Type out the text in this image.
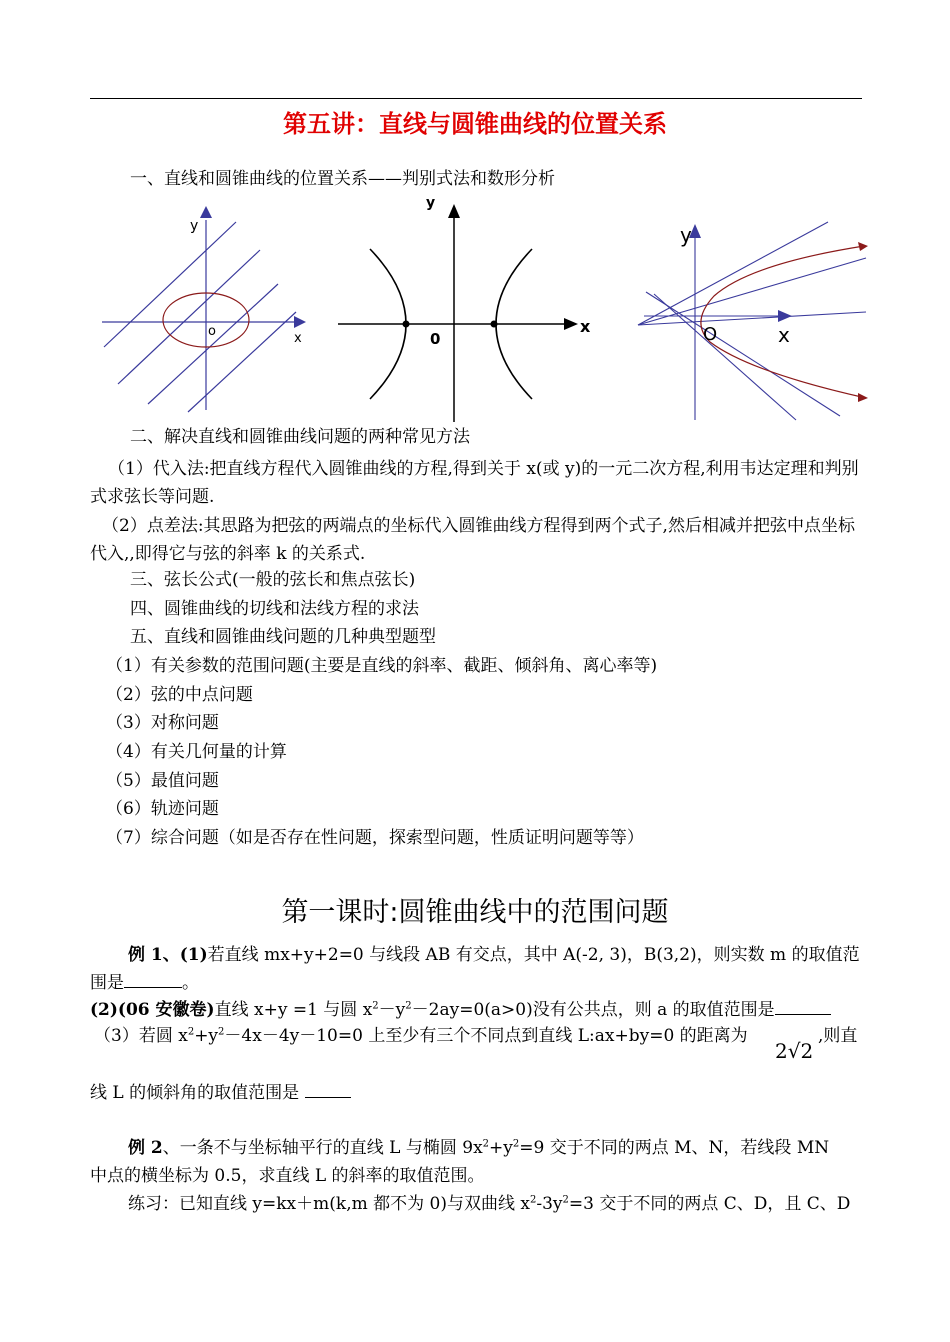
第五讲：直线与圆锥曲线的位置关系
一、直线和圆锥曲线的位置关系——判别式法和数形分析
y
x
o
y
x
0
y
x
O
二、解决直线和圆锥曲线问题的两种常见方法
（1）代入法:把直线方程代入圆锥曲线的方程,得到关于 x(或 y)的一元二次方程,利用韦达定理和判别式求弦长等问题.
（2）点差法:其思路为把弦的两端点的坐标代入圆锥曲线方程得到两个式子,然后相减并把弦中点坐标代入,,即得它与弦的斜率 k 的关系式.
三、弦长公式(一般的弦长和焦点弦长)
四、圆锥曲线的切线和法线方程的求法
五、直线和圆锥曲线问题的几种典型题型
（1）有关参数的范围问题(主要是直线的斜率、截距、倾斜角、离心率等)
（2）弦的中点问题
（3）对称问题
（4）有关几何量的计算
（5）最值问题
（6）轨迹问题
（7）综合问题（如是否存在性问题，探索型问题，性质证明问题等等）
第一课时:圆锥曲线中的范围问题
例 1、(1)若直线 mx+y+2=0 与线段 AB 有交点，其中 A(-2, 3)，B(3,2)，则实数 m 的取值范
围是	。
(2)(06 安徽卷)直线 x+y =1 与圆 $x^2-y^2-2ay=0(a>0)$没有公共点，则 a 的取值范围是
（3）若圆 $x^2+y^2-4x-4y-10=0$ 上至少有三个不同点到直线 L:ax+by=0 的距离为
2√2
,则直
线 L 的倾斜角的取值范围是
例 2、一条不与坐标轴平行的直线 L 与椭圆 $9x^2+y^2=9$ 交于不同的两点 M、N，若线段 MN
中点的横坐标为 0.5，求直线 L 的斜率的取值范围。
练习：已知直线 y=kx＋m(k,m 都不为 0)与双曲线 $x^2-3y^2=3$ 交于不同的两点 C、D，且 C、D
